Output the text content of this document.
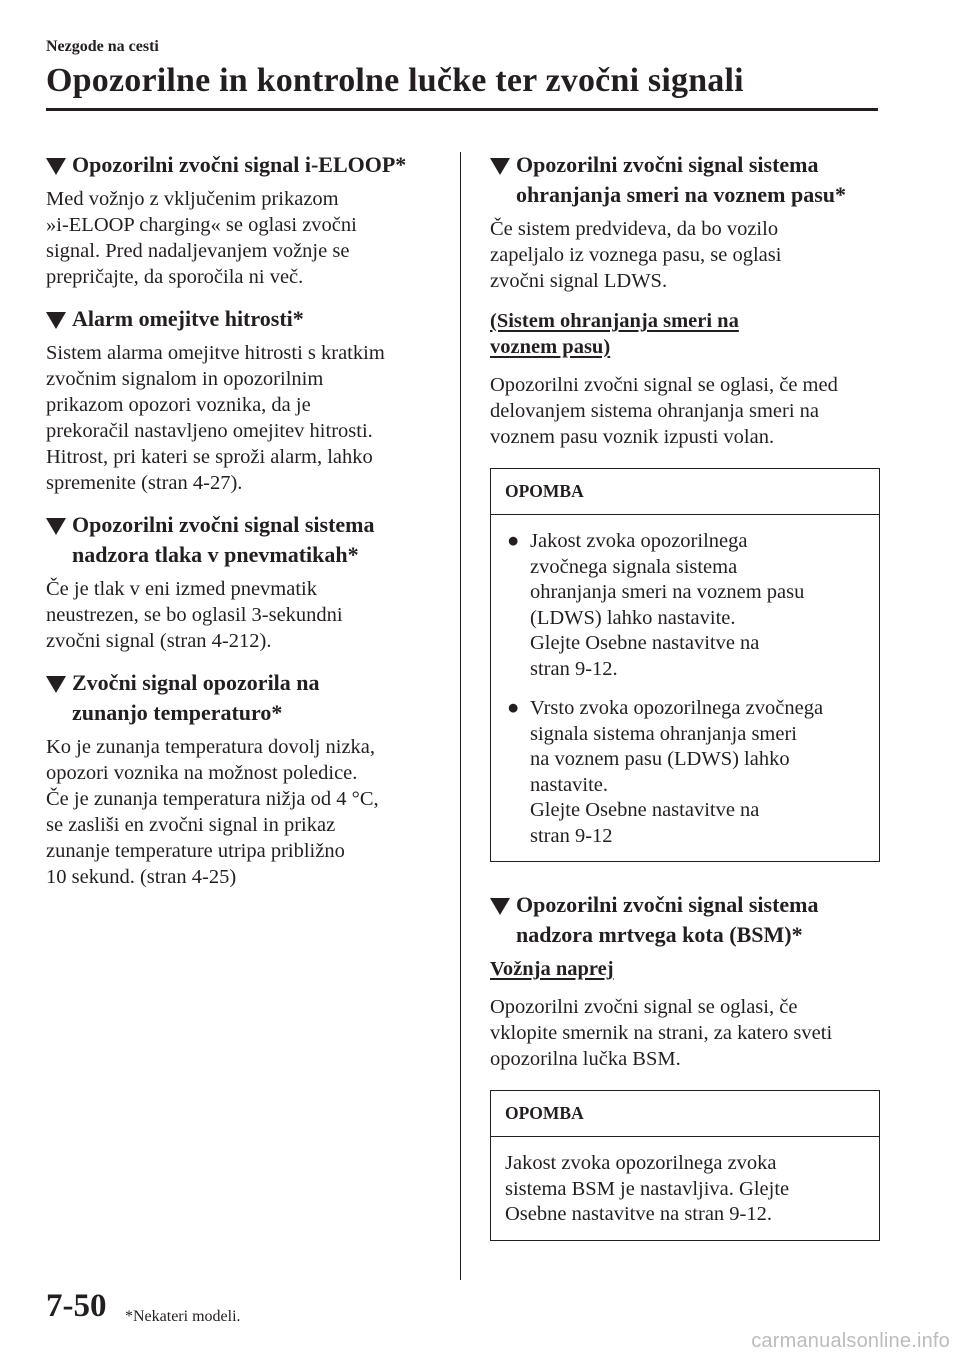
Nezgode na cesti
Opozorilne in kontrolne lučke ter zvočni signali
Opozorilni zvočni signal i-ELOOP*

Med vožnjo z vključenim prikazom
»i-ELOOP charging« se oglasi zvočni
signal. Pred nadaljevanjem vožnje se
prepričajte, da sporočila ni več.

Alarm omejitve hitrosti*

Sistem alarma omejitve hitrosti s kratkim
zvočnim signalom in opozorilnim
prikazom opozori voznika, da je
prekoračil nastavljeno omejitev hitrosti.
Hitrost, pri kateri se sproži alarm, lahko
spremenite (stran 4-27).

Opozorilni zvočni signal sistema
nadzora tlaka v pnevmatikah*

Če je tlak v eni izmed pnevmatik
neustrezen, se bo oglasil 3-sekundni
zvočni signal (stran 4-212).

Zvočni signal opozorila na
zunanjo temperaturo*

Ko je zunanja temperatura dovolj nizka,
opozori voznika na možnost poledice.
Če je zunanja temperatura nižja od 4 °C,
se zasliši en zvočni signal in prikaz
zunanje temperature utripa približno
10 sekund. (stran 4-25)

Opozorilni zvočni signal sistema
ohranjanja smeri na voznem pasu*

Če sistem predvideva, da bo vozilo
zapeljalo iz voznega pasu, se oglasi
zvočni signal LDWS.

(Sistem ohranjanja smeri na
voznem pasu)

Opozorilni zvočni signal se oglasi, če med
delovanjem sistema ohranjanja smeri na
voznem pasu voznik izpusti volan.

OPOMBA
● Jakost zvoka opozorilnega
zvočnega signala sistema
ohranjanja smeri na voznem pasu
(LDWS) lahko nastavite.
Glejte Osebne nastavitve na
stran 9-12.
● Vrsto zvoka opozorilnega zvočnega
signala sistema ohranjanja smeri
na voznem pasu (LDWS) lahko
nastavite.
Glejte Osebne nastavitve na
stran 9-12
Opozorilni zvočni signal sistema
nadzora mrtvega kota (BSM)*
Vožnja naprej

Opozorilni zvočni signal se oglasi, če
vklopite smernik na strani, za katero sveti
opozorilna lučka BSM.

OPOMBA
Jakost zvoka opozorilnega zvoka
sistema BSM je nastavljiva. Glejte
Osebne nastavitve na stran 9-12.
7-50 *Nekateri modeli.
carmanualsonline.info
